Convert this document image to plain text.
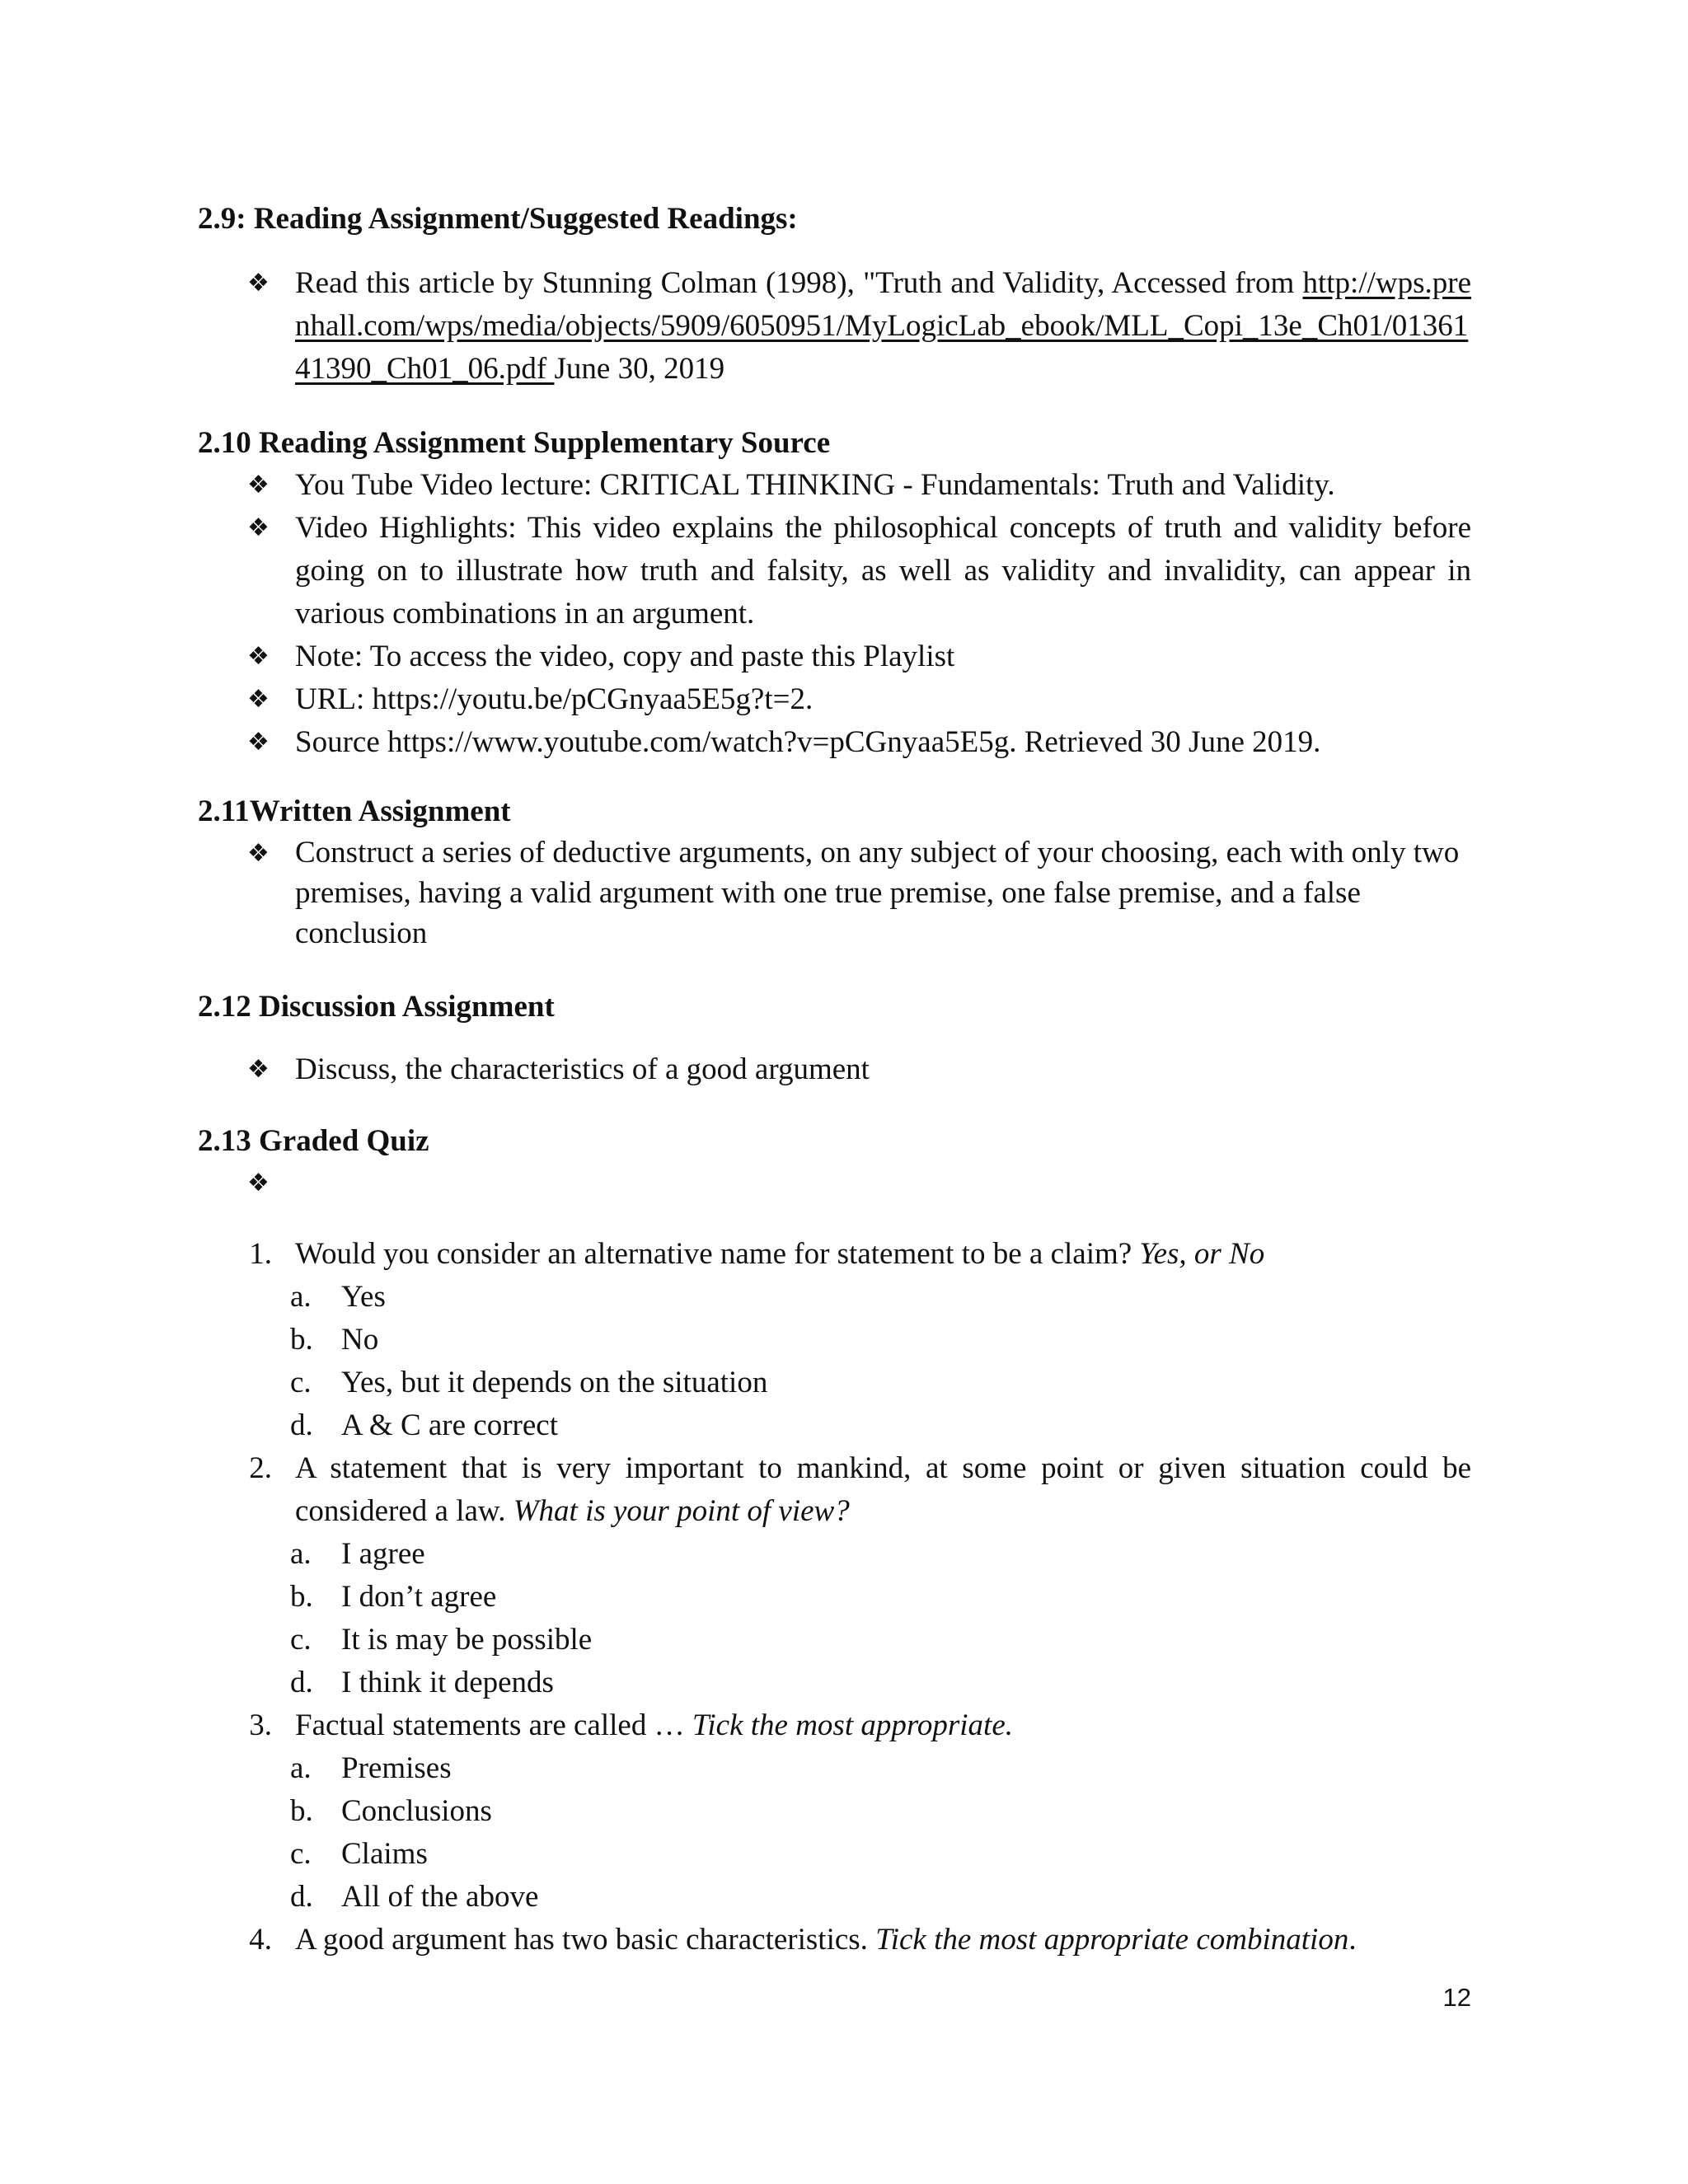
2.9: Reading Assignment/Suggested Readings:
❖ Read this article by Stunning Colman (1998), "Truth and Validity, Accessed from http://wps.prenhall.com/wps/media/objects/5909/6050951/MyLogicLab_ebook/MLL_Copi_13e_Ch01/0136141390_Ch01_06.pdf June 30, 2019
2.10 Reading Assignment Supplementary Source
❖ You Tube Video lecture: CRITICAL THINKING - Fundamentals: Truth and Validity.
❖ Video Highlights: This video explains the philosophical concepts of truth and validity before going on to illustrate how truth and falsity, as well as validity and invalidity, can appear in various combinations in an argument.
❖ Note: To access the video, copy and paste this Playlist
❖ URL: https://youtu.be/pCGnyaa5E5g?t=2.
❖ Source https://www.youtube.com/watch?v=pCGnyaa5E5g. Retrieved 30 June 2019.
2.11Written Assignment
❖ Construct a series of deductive arguments, on any subject of your choosing, each with only two premises, having a valid argument with one true premise, one false premise, and a false conclusion
2.12 Discussion Assignment
❖ Discuss, the characteristics of a good argument
2.13 Graded Quiz
❖
1. Would you consider an alternative name for statement to be a claim? Yes, or No
a. Yes
b. No
c. Yes, but it depends on the situation
d. A & C are correct
2. A statement that is very important to mankind, at some point or given situation could be considered a law. What is your point of view?
a. I agree
b. I don’t agree
c. It is may be possible
d. I think it depends
3. Factual statements are called … Tick the most appropriate.
a. Premises
b. Conclusions
c. Claims
d. All of the above
4. A good argument has two basic characteristics. Tick the most appropriate combination.
12
